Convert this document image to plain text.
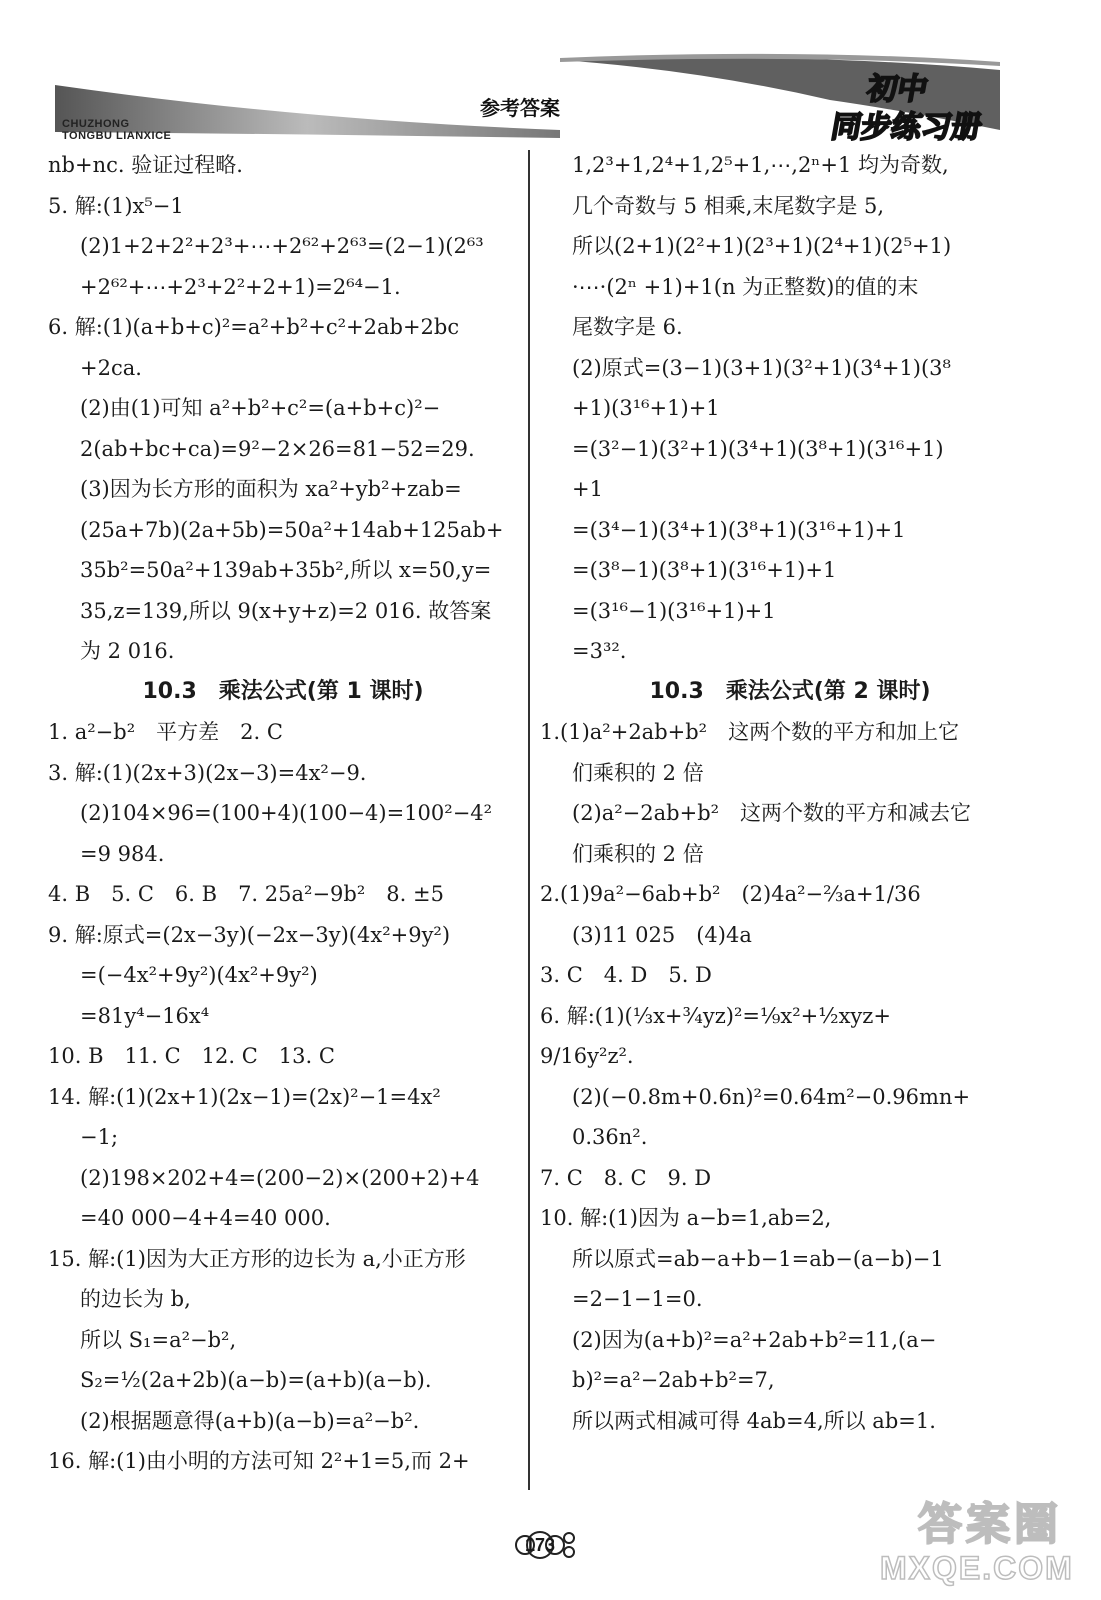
CHUZHONG
TONGBU LIANXICE
参考答案
初中
同步练习册
nb+nc. 验证过程略.
5. 解:(1)x⁵−1
(2)1+2+2²+2³+⋯+2⁶²+2⁶³=(2−1)(2⁶³
+2⁶²+⋯+2³+2²+2+1)=2⁶⁴−1.
6. 解:(1)(a+b+c)²=a²+b²+c²+2ab+2bc
+2ca.
(2)由(1)可知 a²+b²+c²=(a+b+c)²−
2(ab+bc+ca)=9²−2×26=81−52=29.
(3)因为长方形的面积为 xa²+yb²+zab=
(25a+7b)(2a+5b)=50a²+14ab+125ab+
35b²=50a²+139ab+35b²,所以 x=50,y=
35,z=139,所以 9(x+y+z)=2 016. 故答案
为 2 016.
10.3　乘法公式(第 1 课时)
1. a²−b²　平方差　2. C
3. 解:(1)(2x+3)(2x−3)=4x²−9.
(2)104×96=(100+4)(100−4)=100²−4²
=9 984.
4. B　5. C　6. B　7. 25a²−9b²　8. ±5
9. 解:原式=(2x−3y)(−2x−3y)(4x²+9y²)
=(−4x²+9y²)(4x²+9y²)
=81y⁴−16x⁴
10. B　11. C　12. C　13. C
14. 解:(1)(2x+1)(2x−1)=(2x)²−1=4x²
−1;
(2)198×202+4=(200−2)×(200+2)+4
=40 000−4+4=40 000.
15. 解:(1)因为大正方形的边长为 a,小正方形
的边长为 b,
所以 S₁=a²−b²,
S₂=½(2a+2b)(a−b)=(a+b)(a−b).
(2)根据题意得(a+b)(a−b)=a²−b².
16. 解:(1)由小明的方法可知 2²+1=5,而 2+
1,2³+1,2⁴+1,2⁵+1,⋯,2ⁿ+1 均为奇数,
几个奇数与 5 相乘,末尾数字是 5,
所以(2+1)(2²+1)(2³+1)(2⁴+1)(2⁵+1)
·⋯·(2ⁿ +1)+1(n 为正整数)的值的末
尾数字是 6.
(2)原式=(3−1)(3+1)(3²+1)(3⁴+1)(3⁸
+1)(3¹⁶+1)+1
=(3²−1)(3²+1)(3⁴+1)(3⁸+1)(3¹⁶+1)
+1
=(3⁴−1)(3⁴+1)(3⁸+1)(3¹⁶+1)+1
=(3⁸−1)(3⁸+1)(3¹⁶+1)+1
=(3¹⁶−1)(3¹⁶+1)+1
=3³².
10.3　乘法公式(第 2 课时)
1.(1)a²+2ab+b²　这两个数的平方和加上它
们乘积的 2 倍
(2)a²−2ab+b²　这两个数的平方和减去它
们乘积的 2 倍
2.(1)9a²−6ab+b²　(2)4a²−⅔a+1/36
(3)11 025　(4)4a
3. C　4. D　5. D
6. 解:(1)(⅓x+¾yz)²=⅑x²+½xyz+
9/16y²z².
(2)(−0.8m+0.6n)²=0.64m²−0.96mn+
0.36n².
7. C　8. C　9. D
10. 解:(1)因为 a−b=1,ab=2,
所以原式=ab−a+b−1=ab−(a−b)−1
=2−1−1=0.
(2)因为(a+b)²=a²+2ab+b²=11,(a−
b)²=a²−2ab+b²=7,
所以两式相减可得 4ab=4,所以 ab=1.
173	答案圈
MXQE.COM
